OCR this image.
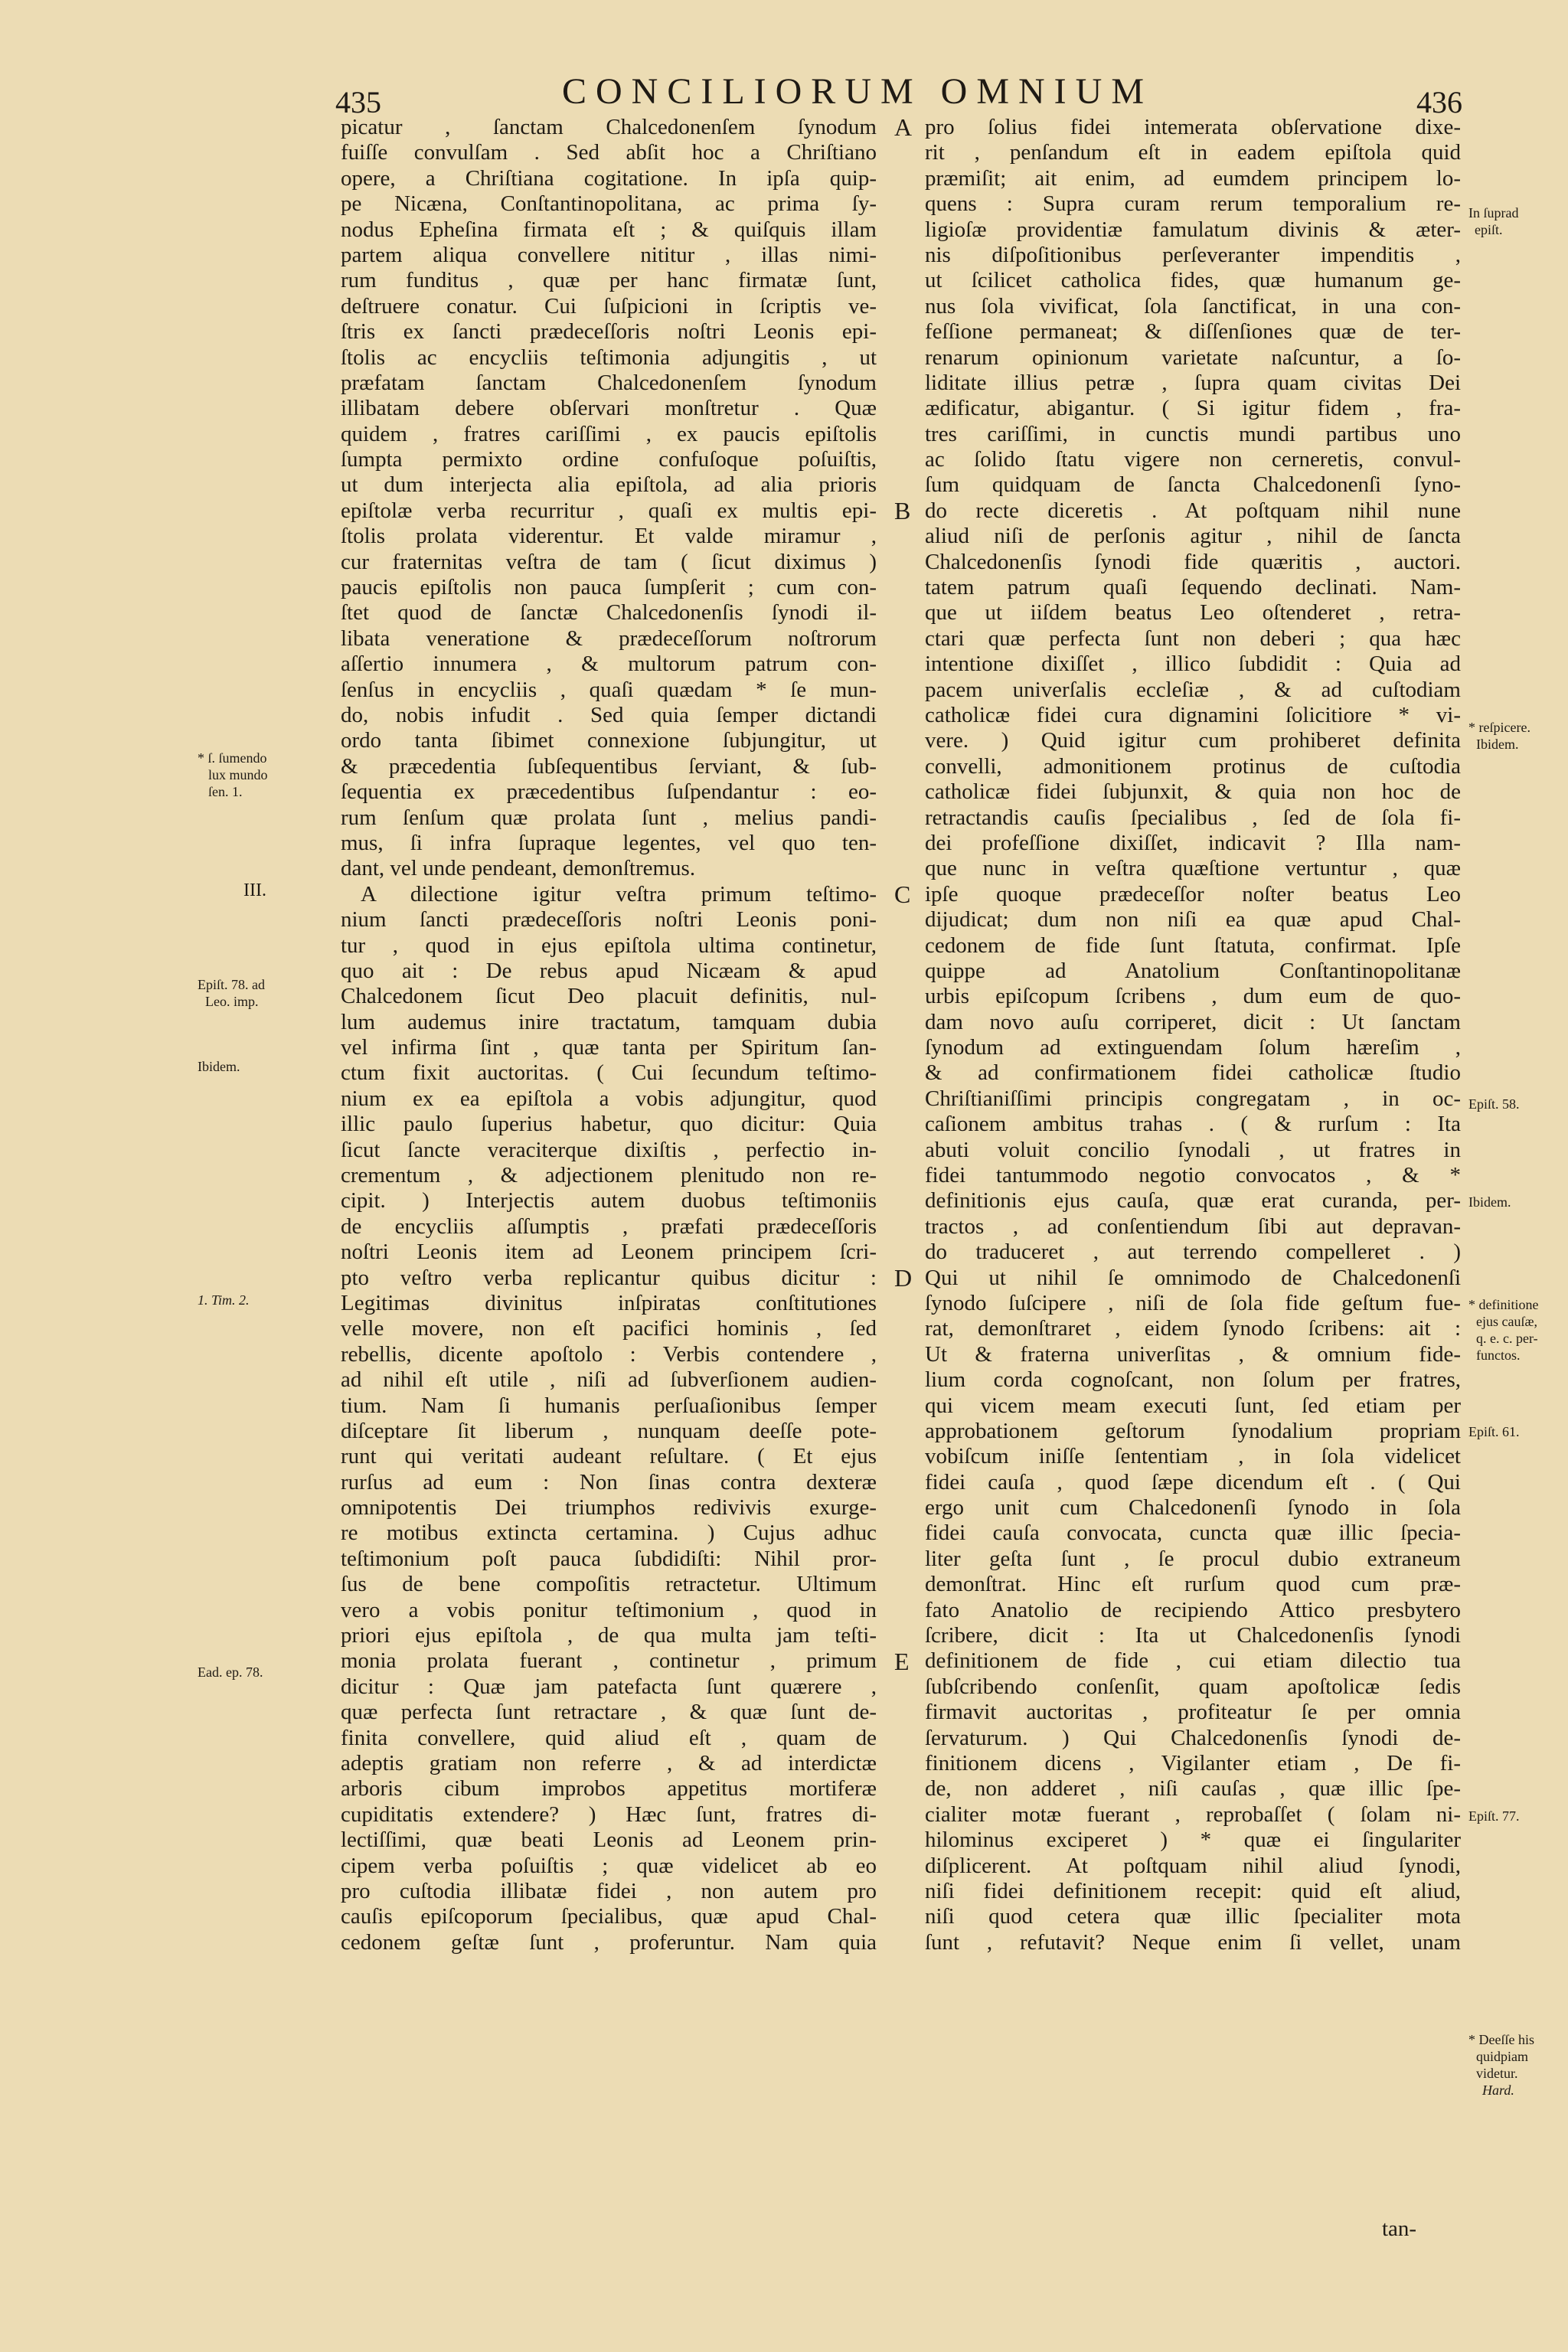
435	CONCILIORUM OMNIUM	436
picatur , ſanctam Chalcedonenſem ſynodum
fuiſſe convulſam . Sed abſit hoc a Chriſtiano
opere, a Chriſtiana cogitatione. In ipſa quip-
pe Nicæna, Conſtantinopolitana, ac prima ſy-
nodus Epheſina firmata eſt ; & quiſquis illam
partem aliqua convellere nititur , illas nimi-
rum funditus , quæ per hanc firmatæ ſunt,
deſtruere conatur. Cui ſuſpicioni in ſcriptis ve-
ſtris ex ſancti prædeceſſoris noſtri Leonis epi-
ſtolis ac encycliis teſtimonia adjungitis , ut
præfatam ſanctam Chalcedonenſem ſynodum
illibatam debere obſervari monſtretur . Quæ
quidem , fratres cariſſimi , ex paucis epiſtolis
ſumpta permixto ordine confuſoque poſuiſtis,
ut dum interjecta alia epiſtola, ad alia prioris
epiſtolæ verba recurritur , quaſi ex multis epi-
ſtolis prolata viderentur. Et valde miramur ,
cur fraternitas veſtra de tam ( ſicut diximus )
paucis epiſtolis non pauca ſumpſerit ; cum con-
ſtet quod de ſanctæ Chalcedonenſis ſynodi il-
libata veneratione & prædeceſſorum noſtrorum
aſſertio innumera , & multorum patrum con-
ſenſus in encycliis , quaſi quædam * ſe mun-
do, nobis infudit . Sed quia ſemper dictandi
ordo tanta ſibimet connexione ſubjungitur, ut
& præcedentia ſubſequentibus ſerviant, & ſub-
ſequentia ex præcedentibus ſuſpendantur : eo-
rum ſenſum quæ prolata ſunt , melius pandi-
mus, ſi infra ſupraque legentes, vel quo ten-
dant, vel unde pendeant, demonſtremus.
A dilectione igitur veſtra primum teſtimo-
nium ſancti prædeceſſoris noſtri Leonis poni-
tur , quod in ejus epiſtola ultima continetur,
quo ait : De rebus apud Nicæam & apud
Chalcedonem ſicut Deo placuit definitis, nul-
lum audemus inire tractatum, tamquam dubia
vel infirma ſint , quæ tanta per Spiritum ſan-
ctum fixit auctoritas. ( Cui ſecundum teſtimo-
nium ex ea epiſtola a vobis adjungitur, quod
illic paulo ſuperius habetur, quo dicitur: Quia
ſicut ſancte veraciterque dixiſtis , perfectio in-
crementum , & adjectionem plenitudo non re-
cipit. ) Interjectis autem duobus teſtimoniis
de encycliis aſſumptis , præfati prædeceſſoris
noſtri Leonis item ad Leonem principem ſcri-
pto veſtro verba replicantur quibus dicitur :
Legitimas divinitus inſpiratas conſtitutiones
velle movere, non eſt pacifici hominis , ſed
rebellis, dicente apoſtolo : Verbis contendere ,
ad nihil eſt utile , niſi ad ſubverſionem audien-
tium. Nam ſi humanis perſuaſionibus ſemper
diſceptare ſit liberum , nunquam deeſſe pote-
runt qui veritati audeant reſultare. ( Et ejus
rurſus ad eum : Non ſinas contra dexteræ
omnipotentis Dei triumphos redivivis exurge-
re motibus extincta certamina. ) Cujus adhuc
teſtimonium poſt pauca ſubdidiſti: Nihil pror-
ſus de bene compoſitis retractetur. Ultimum
vero a vobis ponitur teſtimonium , quod in
priori ejus epiſtola , de qua multa jam teſti-
monia prolata fuerant , continetur , primum
dicitur : Quæ jam patefacta ſunt quærere ,
quæ perfecta ſunt retractare , & quæ ſunt de-
finita convellere, quid aliud eſt , quam de
adeptis gratiam non referre , & ad interdictæ
arboris cibum improbos appetitus mortiferæ
cupiditatis extendere? ) Hæc ſunt, fratres di-
lectiſſimi, quæ beati Leonis ad Leonem prin-
cipem verba poſuiſtis ; quæ videlicet ab eo
pro cuſtodia illibatæ fidei , non autem pro
cauſis epiſcoporum ſpecialibus, quæ apud Chal-
cedonem geſtæ ſunt , proferuntur. Nam quia
pro ſolius fidei intemerata obſervatione dixe-
rit , penſandum eſt in eadem epiſtola quid
præmiſit; ait enim, ad eumdem principem lo-
quens : Supra curam rerum temporalium re-
ligioſæ providentiæ famulatum divinis & æter-
nis diſpoſitionibus perſeveranter impenditis ,
ut ſcilicet catholica fides, quæ humanum ge-
nus ſola vivificat, ſola ſanctificat, in una con-
feſſione permaneat; & diſſenſiones quæ de ter-
renarum opinionum varietate naſcuntur, a ſo-
liditate illius petræ , ſupra quam civitas Dei
ædificatur, abigantur. ( Si igitur fidem , fra-
tres cariſſimi, in cunctis mundi partibus uno
ac ſolido ſtatu vigere non cerneretis, convul-
ſum quidquam de ſancta Chalcedonenſi ſyno-
do recte diceretis . At poſtquam nihil nune
aliud niſi de perſonis agitur , nihil de ſancta
Chalcedonenſis ſynodi fide quæritis , auctori.
tatem patrum quaſi ſequendo declinati. Nam-
que ut iiſdem beatus Leo oſtenderet , retra-
ctari quæ perfecta ſunt non deberi ; qua hæc
intentione dixiſſet , illico ſubdidit : Quia ad
pacem univerſalis eccleſiæ , & ad cuſtodiam
catholicæ fidei cura dignamini ſolicitiore * vi-
vere. ) Quid igitur cum prohiberet definita
convelli, admonitionem protinus de cuſtodia
catholicæ fidei ſubjunxit, & quia non hoc de
retractandis cauſis ſpecialibus , ſed de ſola fi-
dei profeſſione dixiſſet, indicavit ? Illa nam-
que nunc in veſtra quæſtione vertuntur , quæ
ipſe quoque prædeceſſor noſter beatus Leo
dijudicat; dum non niſi ea quæ apud Chal-
cedonem de fide ſunt ſtatuta, confirmat. Ipſe
quippe ad Anatolium Conſtantinopolitanæ
urbis epiſcopum ſcribens , dum eum de quo-
dam novo auſu corriperet, dicit : Ut ſanctam
ſynodum ad extinguendam ſolum hæreſim ,
& ad confirmationem fidei catholicæ ſtudio
Chriſtianiſſimi principis congregatam , in oc-
caſionem ambitus trahas . ( & rurſum : Ita
abuti voluit concilio ſynodali , ut fratres in
fidei tantummodo negotio convocatos , & *
definitionis ejus cauſa, quæ erat curanda, per-
tractos , ad conſentiendum ſibi aut depravan-
do traduceret , aut terrendo compelleret . )
Qui ut nihil ſe omnimodo de Chalcedonenſi
ſynodo ſuſcipere , niſi de ſola fide geſtum fue-
rat, demonſtraret , eidem ſynodo ſcribens: ait :
Ut & fraterna univerſitas , & omnium fide-
lium corda cognoſcant, non ſolum per fratres,
qui vicem meam executi ſunt, ſed etiam per
approbationem geſtorum ſynodalium propriam
vobiſcum iniſſe ſententiam , in ſola videlicet
fidei cauſa , quod ſæpe dicendum eſt . ( Qui
ergo unit cum Chalcedonenſi ſynodo in ſola
fidei cauſa convocata, cuncta quæ illic ſpecia-
liter geſta ſunt , ſe procul dubio extraneum
demonſtrat. Hinc eſt rurſum quod cum præ-
fato Anatolio de recipiendo Attico presbytero
ſcribere, dicit : Ita ut Chalcedonenſis ſynodi
definitionem de fide , cui etiam dilectio tua
ſubſcribendo conſenſit, quam apoſtolicæ ſedis
firmavit auctoritas , profiteatur ſe per omnia
ſervaturum. ) Qui Chalcedonenſis ſynodi de-
finitionem dicens , Vigilanter etiam , De fi-
de, non adderet , niſi cauſas , quæ illic ſpe-
cialiter motæ fuerant , reprobaſſet ( ſolam ni-
hilominus exciperet ) * quæ ei ſingulariter
diſplicerent. At poſtquam nihil aliud ſynodi,
niſi fidei definitionem recepit: quid eſt aliud,
niſi quod cetera quæ illic ſpecialiter mota
ſunt , refutavit? Neque enim ſi vellet, unam
A
B
C
D
E
* ſ. ſumendo
lux mundo
ſen. 1.
III.
Epiſt. 78. ad
Leo. imp.
Ibidem.
1. Tim. 2.
Ead. ep. 78.
In ſuprad
epiſt.
* reſpicere.
Ibidem.
Epiſt. 58.
Ibidem.
* definitione
ejus cauſæ,
q. e. c. per-
functos.
Epiſt. 61.
Epiſt. 77.
* Deeſſe his
quidpiam
videtur.
Hard.
tan-
